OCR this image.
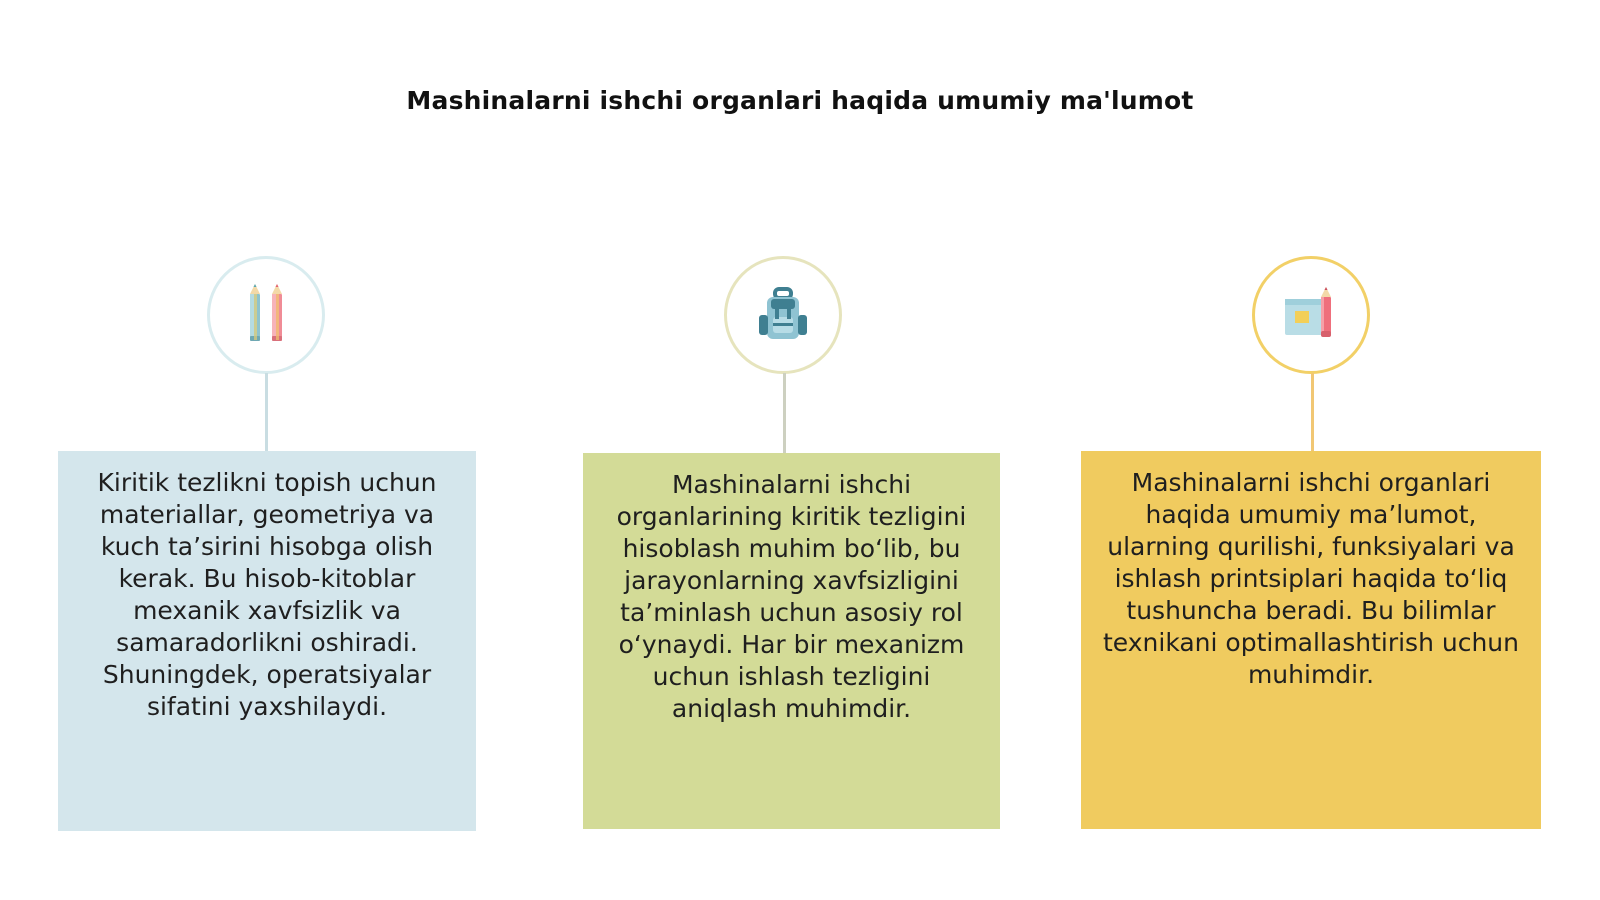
Mashinalarni ishchi organlari haqida umumiy ma'lumot
Kiritik tezlikni topish uchun materiallar, geometriya va kuch ta’sirini hisobga olish kerak. Bu hisob-kitoblar mexanik xavfsizlik va samaradorlikni oshiradi. Shuningdek, operatsiyalar sifatini yaxshilaydi.
Mashinalarni ishchi organlarining kiritik tezligini hisoblash muhim bo‘lib, bu jarayonlarning xavfsizligini ta’minlash uchun asosiy rol o‘ynaydi. Har bir mexanizm uchun ishlash tezligini aniqlash muhimdir.
Mashinalarni ishchi organlari haqida umumiy ma’lumot, ularning qurilishi, funksiyalari va ishlash printsiplari haqida to‘liq tushuncha beradi. Bu bilimlar texnikani optimallashtirish uchun muhimdir.
